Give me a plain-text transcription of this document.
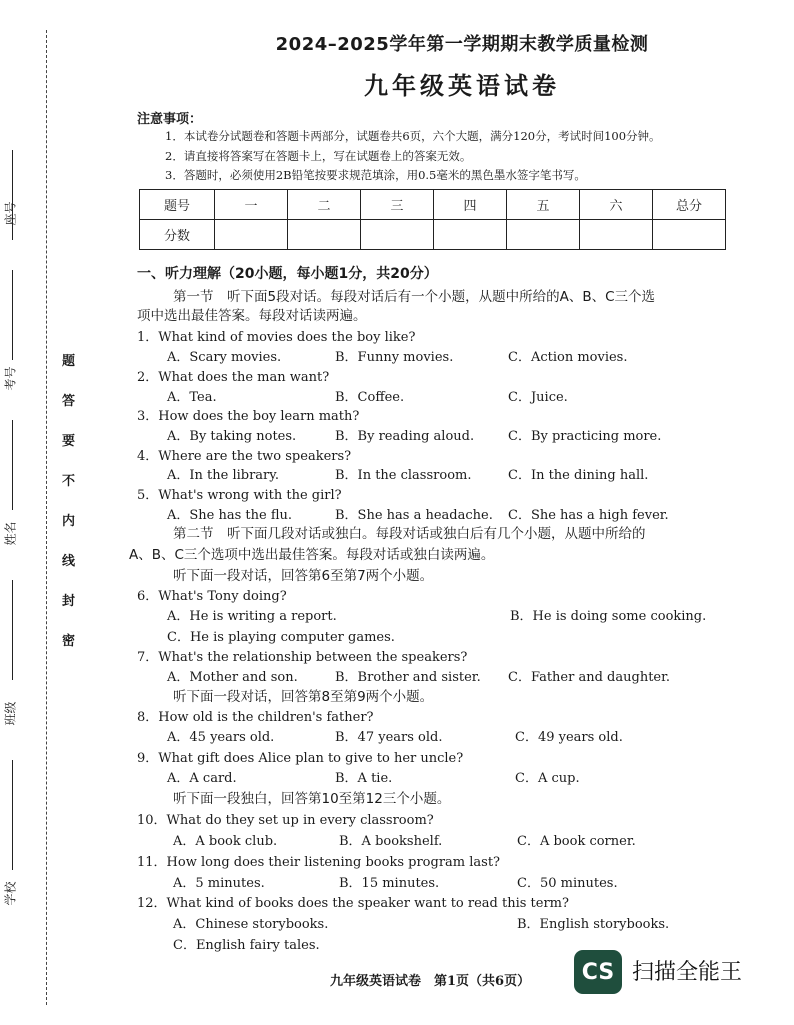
座号
考号
姓名
班级
学校
题
答
要
不
内
线
封
密
2024–2025学年第一学期期末教学质量检测
九年级英语试卷
注意事项：
1．本试卷分试题卷和答题卡两部分，试题卷共6页，六个大题，满分120分，考试时间100分钟。
2．请直接将答案写在答题卡上，写在试题卷上的答案无效。
3．答题时，必须使用2B铅笔按要求规范填涂，用0.5毫米的黑色墨水签字笔书写。
题号	一	二	三	四	五	六	总分
分数							
一、听力理解（20小题，每小题1分，共20分）
第一节　听下面5段对话。每段对话后有一个小题，从题中所给的A、B、C三个选
项中选出最佳答案。每段对话读两遍。
1．What kind of movies does the boy like?
A．Scary movies.	B．Funny movies.	C．Action movies.
2．What does the man want?
A．Tea.	B．Coffee.	C．Juice.
3．How does the boy learn math?
A．By taking notes.	B．By reading aloud.	C．By practicing more.
4．Where are the two speakers?
A．In the library.	B．In the classroom.	C．In the dining hall.
5．What's wrong with the girl?
A．She has the flu.	B．She has a headache. C．She has a high fever.
第二节　听下面几段对话或独白。每段对话或独白后有几个小题，从题中所给的
A、B、C三个选项中选出最佳答案。每段对话或独白读两遍。
听下面一段对话，回答第6至第7两个小题。
6．What's Tony doing?
A．He is writing a report.	B．He is doing some cooking.
C．He is playing computer games.
7．What's the relationship between the speakers?
A．Mother and son.	B．Brother and sister. C．Father and daughter.
听下面一段对话，回答第8至第9两个小题。
8．How old is the children's father?
A．45 years old.	B．47 years old.	C．49 years old.
9．What gift does Alice plan to give to her uncle?
A．A card.	B．A tie.	C．A cup.
听下面一段独白，回答第10至第12三个小题。
10．What do they set up in every classroom?
A．A book club.	B．A bookshelf.	C．A book corner.
11．How long does their listening books program last?
A．5 minutes.	B．15 minutes.	C．50 minutes.
12．What kind of books does the speaker want to read this term?
A．Chinese storybooks.	B．English storybooks.
C．English fairy tales.
九年级英语试卷　第1页（共6页）	CS 扫描全能王
